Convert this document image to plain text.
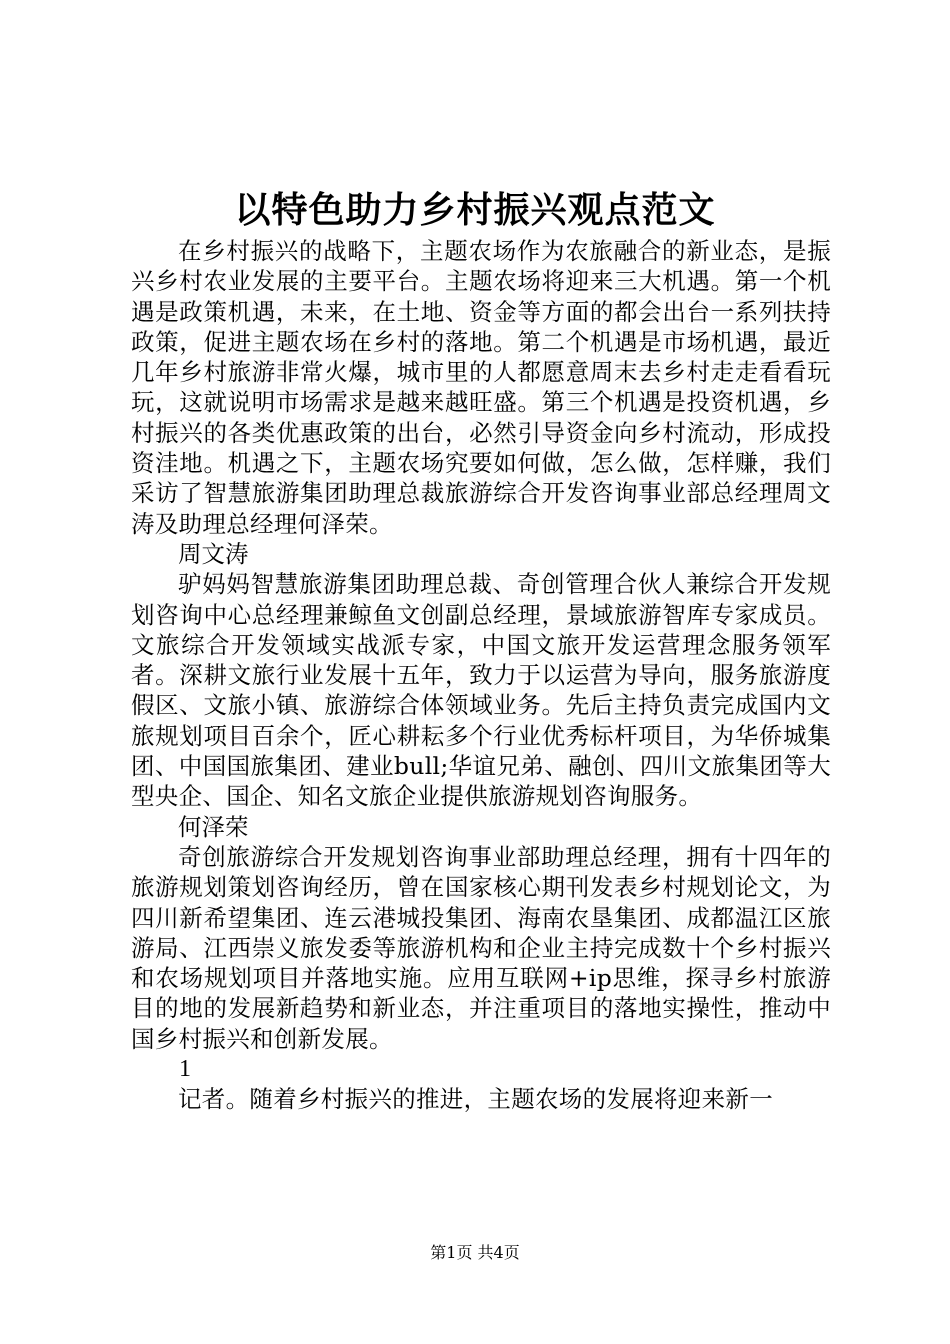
以特色助力乡村振兴观点范文

在乡村振兴的战略下，主题农场作为农旅融合的新业态，是振兴乡村农业发展的主要平台。主题农场将迎来三大机遇。第一个机遇是政策机遇，未来，在土地、资金等方面的都会出台一系列扶持政策，促进主题农场在乡村的落地。第二个机遇是市场机遇，最近几年乡村旅游非常火爆，城市里的人都愿意周末去乡村走走看看玩玩，这就说明市场需求是越来越旺盛。第三个机遇是投资机遇，乡村振兴的各类优惠政策的出台，必然引导资金向乡村流动，形成投资洼地。机遇之下，主题农场究要如何做，怎么做，怎样赚，我们采访了智慧旅游集团助理总裁旅游综合开发咨询事业部总经理周文涛及助理总经理何泽荣。

周文涛

驴妈妈智慧旅游集团助理总裁、奇创管理合伙人兼综合开发规划咨询中心总经理兼鲸鱼文创副总经理，景域旅游智库专家成员。文旅综合开发领域实战派专家，中国文旅开发运营理念服务领军者。深耕文旅行业发展十五年，致力于以运营为导向，服务旅游度假区、文旅小镇、旅游综合体领域业务。先后主持负责完成国内文旅规划项目百余个，匠心耕耘多个行业优秀标杆项目，为华侨城集团、中国国旅集团、建业bull;华谊兄弟、融创、四川文旅集团等大型央企、国企、知名文旅企业提供旅游规划咨询服务。

何泽荣

奇创旅游综合开发规划咨询事业部助理总经理，拥有十四年的旅游规划策划咨询经历，曾在国家核心期刊发表乡村规划论文，为四川新希望集团、连云港城投集团、海南农垦集团、成都温江区旅游局、江西崇义旅发委等旅游机构和企业主持完成数十个乡村振兴和农场规划项目并落地实施。应用互联网+ip思维，探寻乡村旅游目的地的发展新趋势和新业态，并注重项目的落地实操性，推动中国乡村振兴和创新发展。

1

记者。随着乡村振兴的推进，主题农场的发展将迎来新一

第1页 共4页
